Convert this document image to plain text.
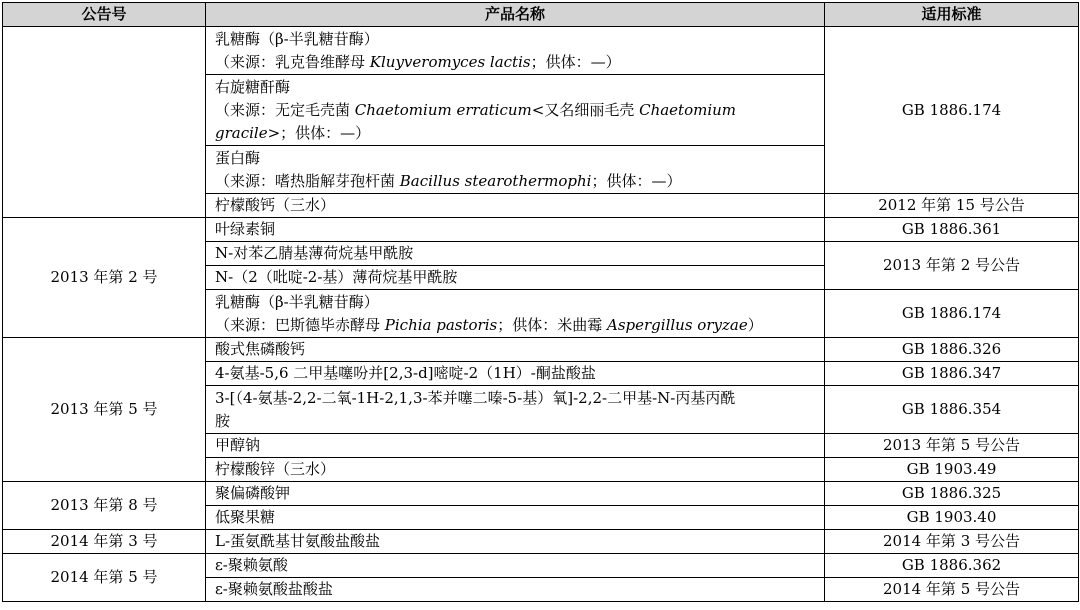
公告号	产品名称	适用标准

	乳糖酶（β-半乳糖苷酶）
（来源：乳克鲁维酵母 Kluyveromyces lactis；供体：—）	GB 1886.174

	右旋糖酐酶
（来源：无定毛壳菌 Chaetomium erraticum<又名细丽毛壳 Chaetomium
gracile>；供体：—）	

	蛋白酶
（来源：嗜热脂解芽孢杆菌 Bacillus stearothermophi；供体：—）	

	柠檬酸钙（三水）	2012 年第 15 号公告
2013 年第 2 号	叶绿素铜	GB 1886.361

	N-对苯乙腈基薄荷烷基甲酰胺	2013 年第 2 号公告

	N-（2（吡啶-2-基）薄荷烷基甲酰胺	

	乳糖酶（β-半乳糖苷酶）
（来源：巴斯德毕赤酵母 Pichia pastoris；供体：米曲霉 Aspergillus oryzae）	GB 1886.174
2013 年第 5 号	酸式焦磷酸钙	GB 1886.326

	4-氨基-5,6 二甲基噻吩并[2,3-d]嘧啶-2（1H）-酮盐酸盐	GB 1886.347

	3-[（4-氨基-2,2-二氧-1H-2,1,3-苯并噻二嗪-5-基）氧]-2,2-二甲基-N-丙基丙酰
胺	GB 1886.354

	甲醇钠	2013 年第 5 号公告

	柠檬酸锌（三水）	GB 1903.49
2013 年第 8 号	聚偏磷酸钾	GB 1886.325

	低聚果糖	GB 1903.40
2014 年第 3 号	L-蛋氨酰基甘氨酸盐酸盐	2014 年第 3 号公告
2014 年第 5 号	ε-聚赖氨酸	GB 1886.362

	ε-聚赖氨酸盐酸盐	2014 年第 5 号公告
